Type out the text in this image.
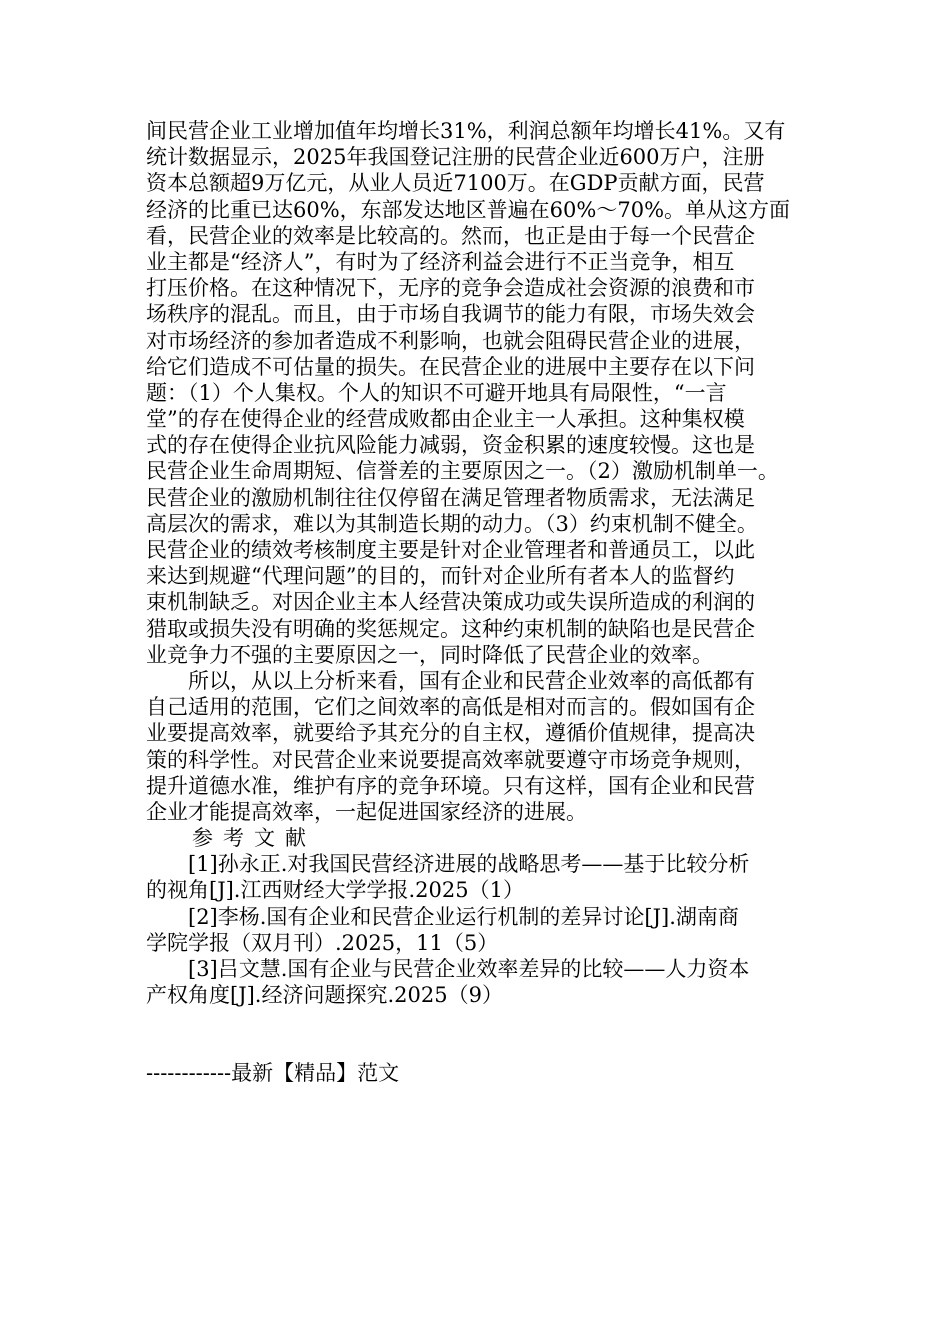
间民营企业工业增加值年均增长31%，利润总额年均增长41%。又有
统计数据显示，2025年我国登记注册的民营企业近600万户，注册
资本总额超9万亿元，从业人员近7100万。在GDP贡献方面，民营
经济的比重已达60%，东部发达地区普遍在60%～70%。单从这方面
看，民营企业的效率是比较高的。然而，也正是由于每一个民营企
业主都是“经济人”，有时为了经济利益会进行不正当竞争，相互
打压价格。在这种情况下，无序的竞争会造成社会资源的浪费和市
场秩序的混乱。而且，由于市场自我调节的能力有限，市场失效会
对市场经济的参加者造成不利影响，也就会阻碍民营企业的进展，
给它们造成不可估量的损失。在民营企业的进展中主要存在以下问
题：（1）个人集权。个人的知识不可避开地具有局限性，“一言
堂”的存在使得企业的经营成败都由企业主一人承担。这种集权模
式的存在使得企业抗风险能力减弱，资金积累的速度较慢。这也是
民营企业生命周期短、信誉差的主要原因之一。（2）激励机制单一。
民营企业的激励机制往往仅停留在满足管理者物质需求，无法满足
高层次的需求，难以为其制造长期的动力。（3）约束机制不健全。
民营企业的绩效考核制度主要是针对企业管理者和普通员工，以此
来达到规避“代理问题”的目的，而针对企业所有者本人的监督约
束机制缺乏。对因企业主本人经营决策成功或失误所造成的利润的
猎取或损失没有明确的奖惩规定。这种约束机制的缺陷也是民营企
业竞争力不强的主要原因之一，同时降低了民营企业的效率。
所以，从以上分析来看，国有企业和民营企业效率的高低都有
自己适用的范围，它们之间效率的高低是相对而言的。假如国有企
业要提高效率，就要给予其充分的自主权，遵循价值规律，提高决
策的科学性。对民营企业来说要提高效率就要遵守市场竞争规则，
提升道德水准，维护有序的竞争环境。只有这样，国有企业和民营
企业才能提高效率，一起促进国家经济的进展。
参考文献
[1]孙永正.对我国民营经济进展的战略思考——基于比较分析
的视角[J].江西财经大学学报.2025（1）
[2]李杨.国有企业和民营企业运行机制的差异讨论[J].湖南商
学院学报（双月刊）.2025，11（5）
[3]吕文慧.国有企业与民营企业效率差异的比较——人力资本
产权角度[J].经济问题探究.2025（9）
------------最新【精品】范文
